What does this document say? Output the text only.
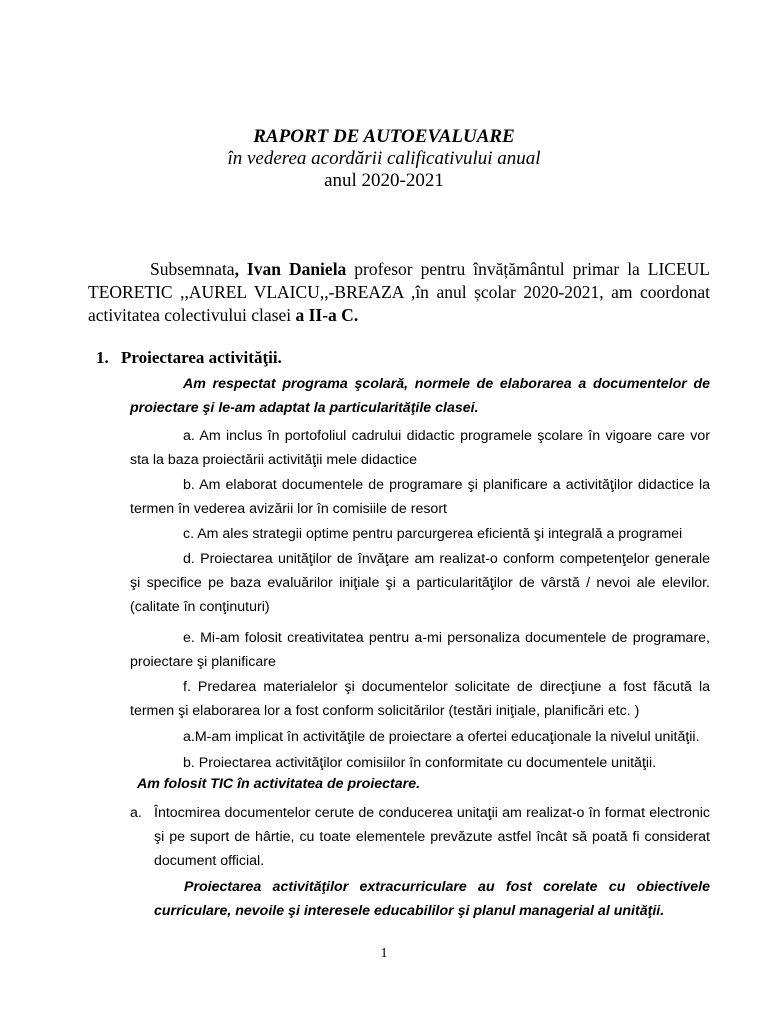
RAPORT DE AUTOEVALUARE
în vederea acordării calificativului anual
anul 2020-2021
Subsemnata, Ivan Daniela profesor pentru învățământul primar la LICEUL TEORETIC ,,AUREL VLAICU,,-BREAZA ,în anul școlar 2020-2021, am coordonat activitatea colectivului clasei a II-a C.
1. Proiectarea activităţii.
Am respectat programa şcolară, normele de elaborarea a documentelor de proiectare şi le-am adaptat la particularităţile clasei.
a. Am inclus în portofoliul cadrului didactic programele şcolare în vigoare care vor sta la baza proiectării activităţii mele didactice
b. Am elaborat documentele de programare şi planificare a activităţilor didactice la termen în vederea avizării lor în comisiile de resort
c. Am ales strategii optime pentru parcurgerea eficientă şi integrală a programei
d. Proiectarea unităţilor de învăţare am realizat-o conform competenţelor generale şi specifice pe baza evaluărilor iniţiale şi a particularităţilor de vârstă / nevoi ale elevilor.(calitate în conţinuturi)
e. Mi-am folosit creativitatea pentru a-mi personaliza documentele de programare, proiectare şi planificare
f. Predarea materialelor şi documentelor solicitate de direcţiune a fost făcută la termen şi elaborarea lor a fost conform solicitărilor (testări iniţiale, planificări etc. )
a.M-am implicat în activităţile de proiectare a ofertei educaţionale la nivelul unităţii.
b. Proiectarea activităţilor comisiilor în conformitate cu documentele unităţii.
Am folosit TIC în activitatea de proiectare.
a. Întocmirea documentelor cerute de conducerea unitaţii am realizat-o în format electronic şi pe suport de hârtie, cu toate elementele prevăzute astfel încât să poată fi considerat document official.
Proiectarea activităţilor extracurriculare au fost corelate cu obiectivele curriculare, nevoile şi interesele educabililor şi planul managerial al unităţii.
1
